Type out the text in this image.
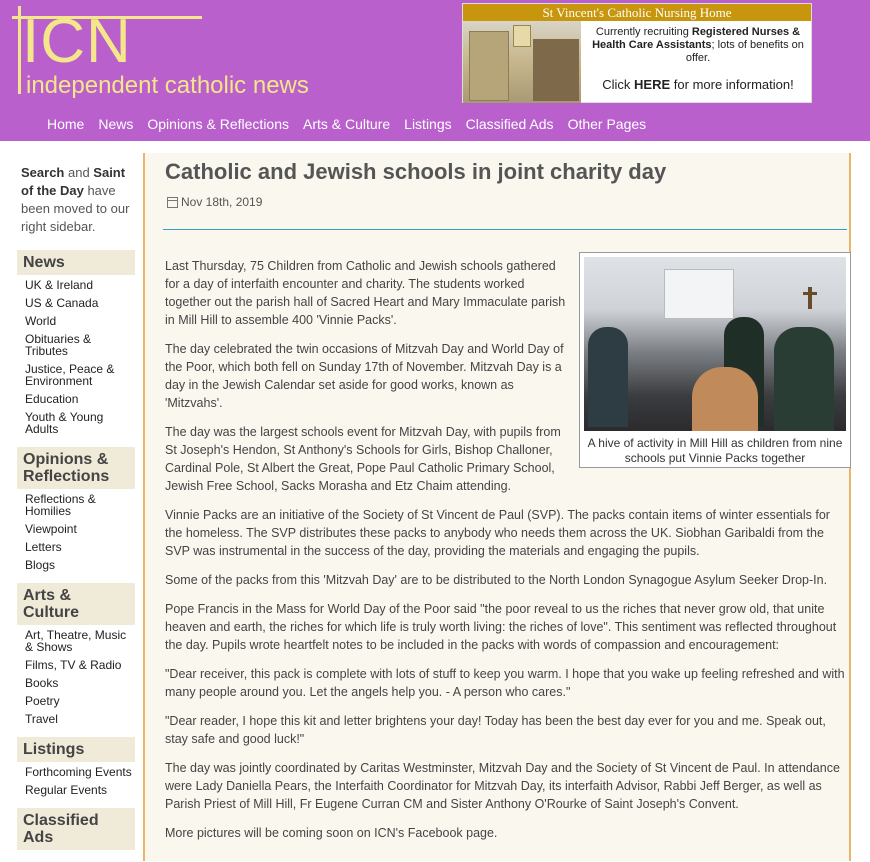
ICN
independent catholic news
St Vincent's Catholic Nursing Home
Currently recruiting Registered Nurses & Health Care Assistants; lots of benefits on offer.
Click HERE for more information!
Home	News	Opinions & Reflections	Arts & Culture	Listings	Classified Ads	Other Pages
Search and Saint of the Day have been moved to our right sidebar.
News
UK & Ireland
US & Canada
World
Obituaries & Tributes
Justice, Peace & Environment
Education
Youth & Young Adults
Opinions & Reflections
Reflections & Homilies
Viewpoint
Letters
Blogs
Arts & Culture
Art, Theatre, Music & Shows
Films, TV & Radio
Books
Poetry
Travel
Listings
Forthcoming Events
Regular Events
Classified Ads
Catholic and Jewish schools in joint charity day
Nov 18th, 2019
A hive of activity in Mill Hill as children from nine schools put Vinnie Packs together

Last Thursday, 75 Children from Catholic and Jewish schools gathered for a day of interfaith encounter and charity. The students worked together out the parish hall of Sacred Heart and Mary Immaculate parish in Mill Hill to assemble 400 'Vinnie Packs'.

The day celebrated the twin occasions of Mitzvah Day and World Day of the Poor, which both fell on Sunday 17th of November. Mitzvah Day is a day in the Jewish Calendar set aside for good works, known as 'Mitzvahs'.

The day was the largest schools event for Mitzvah Day, with pupils from St Joseph's Hendon, St Anthony's Schools for Girls, Bishop Challoner, Cardinal Pole, St Albert the Great, Pope Paul Catholic Primary School, Jewish Free School, Sacks Morasha and Etz Chaim attending.

Vinnie Packs are an initiative of the Society of St Vincent de Paul (SVP). The packs contain items of winter essentials for the homeless. The SVP distributes these packs to anybody who needs them across the UK. Siobhan Garibaldi from the SVP was instrumental in the success of the day, providing the materials and engaging the pupils.

Some of the packs from this 'Mitzvah Day' are to be distributed to the North London Synagogue Asylum Seeker Drop-In.

Pope Francis in the Mass for World Day of the Poor said "the poor reveal to us the riches that never grow old, that unite heaven and earth, the riches for which life is truly worth living: the riches of love". This sentiment was reflected throughout the day. Pupils wrote heartfelt notes to be included in the packs with words of compassion and encouragement:

"Dear receiver, this pack is complete with lots of stuff to keep you warm. I hope that you wake up feeling refreshed and with many people around you. Let the angels help you. - A person who cares."

"Dear reader, I hope this kit and letter brightens your day! Today has been the best day ever for you and me. Speak out, stay safe and good luck!"

The day was jointly coordinated by Caritas Westminster, Mitzvah Day and the Society of St Vincent de Paul. In attendance were Lady Daniella Pears, the Interfaith Coordinator for Mitzvah Day, its interfaith Advisor, Rabbi Jeff Berger, as well as Parish Priest of Mill Hill, Fr Eugene Curran CM and Sister Anthony O'Rourke of Saint Joseph's Convent.

More pictures will be coming soon on ICN's Facebook page.
